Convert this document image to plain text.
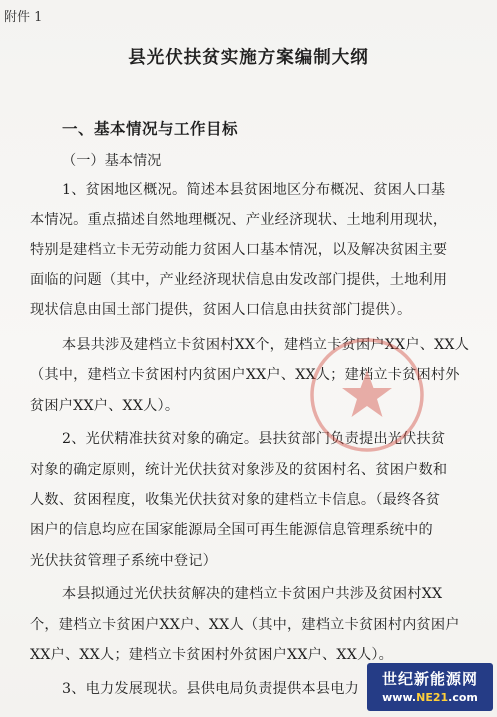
附件 1
县光伏扶贫实施方案编制大纲
一、基本情况与工作目标
（一）基本情况
1、贫困地区概况。简述本县贫困地区分布概况、贫困人口基
本情况。重点描述自然地理概况、产业经济现状、土地利用现状，
特别是建档立卡无劳动能力贫困人口基本情况，以及解决贫困主要
面临的问题（其中，产业经济现状信息由发改部门提供，土地利用
现状信息由国土部门提供，贫困人口信息由扶贫部门提供）。
本县共涉及建档立卡贫困村XX个，建档立卡贫困户XX户、XX人
（其中，建档立卡贫困村内贫困户XX户、XX人；建档立卡贫困村外
贫困户XX户、XX人）。
2、光伏精准扶贫对象的确定。县扶贫部门负责提出光伏扶贫
对象的确定原则，统计光伏扶贫对象涉及的贫困村名、贫困户数和
人数、贫困程度，收集光伏扶贫对象的建档立卡信息。（最终各贫
困户的信息均应在国家能源局全国可再生能源信息管理系统中的
光伏扶贫管理子系统中登记）
本县拟通过光伏扶贫解决的建档立卡贫困户共涉及贫困村XX
个，建档立卡贫困户XX户、XX人（其中，建档立卡贫困村内贫困户
XX户、XX人；建档立卡贫困村外贫困户XX户、XX人）。
3、电力发展现状。县供电局负责提供本县电力
世纪新能源网
www.NE21.com
